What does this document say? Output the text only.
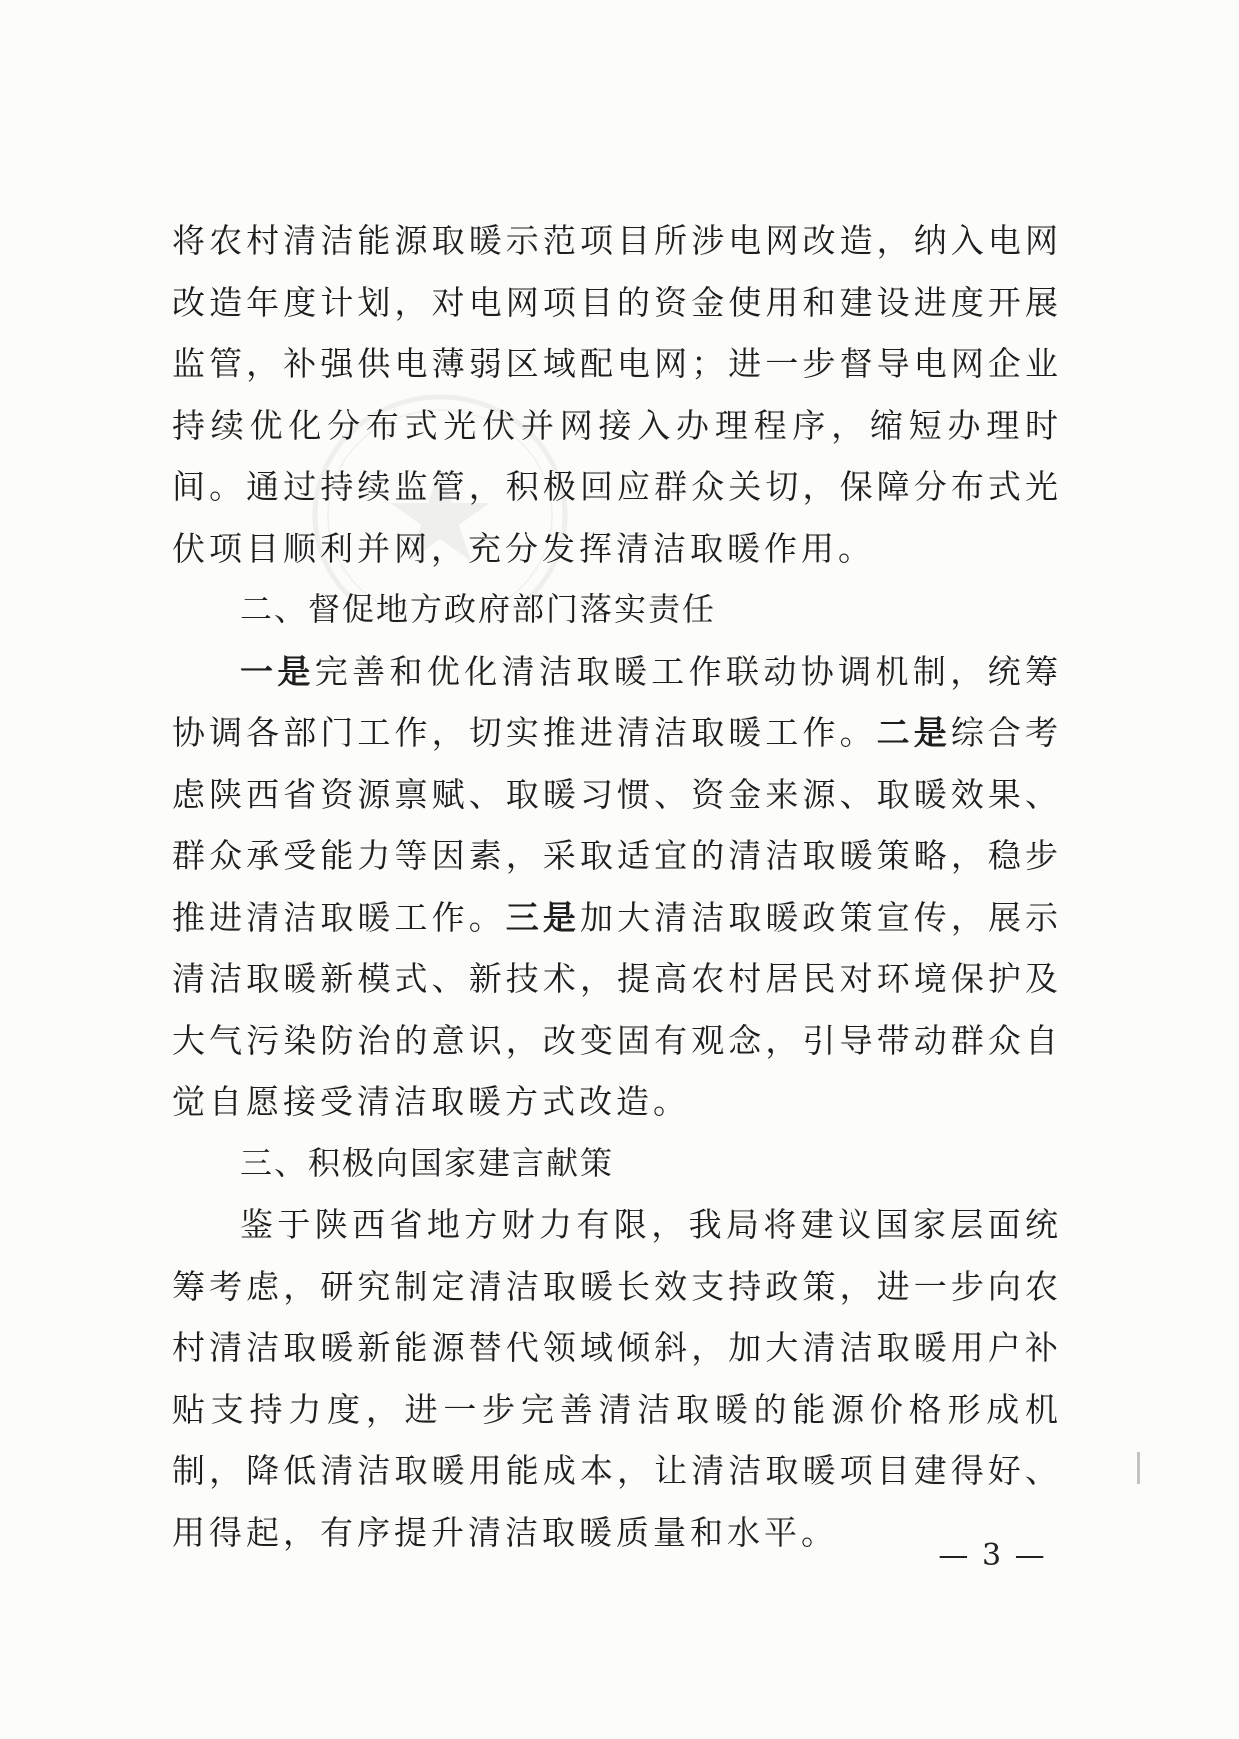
将农村清洁能源取暖示范项目所涉电网改造，纳入电网改造年度计划，对电网项目的资金使用和建设进度开展监管，补强供电薄弱区域配电网；进一步督导电网企业持续优化分布式光伏并网接入办理程序，缩短办理时间。通过持续监管，积极回应群众关切，保障分布式光伏项目顺利并网，充分发挥清洁取暖作用。

二、督促地方政府部门落实责任

一是完善和优化清洁取暖工作联动协调机制，统筹协调各部门工作，切实推进清洁取暖工作。二是综合考虑陕西省资源禀赋、取暖习惯、资金来源、取暖效果、群众承受能力等因素，采取适宜的清洁取暖策略，稳步推进清洁取暖工作。三是加大清洁取暖政策宣传，展示清洁取暖新模式、新技术，提高农村居民对环境保护及大气污染防治的意识，改变固有观念，引导带动群众自觉自愿接受清洁取暖方式改造。

三、积极向国家建言献策

鉴于陕西省地方财力有限，我局将建议国家层面统筹考虑，研究制定清洁取暖长效支持政策，进一步向农村清洁取暖新能源替代领域倾斜，加大清洁取暖用户补贴支持力度，进一步完善清洁取暖的能源价格形成机制，降低清洁取暖用能成本，让清洁取暖项目建得好、用得起，有序提升清洁取暖质量和水平。

— 3 —
